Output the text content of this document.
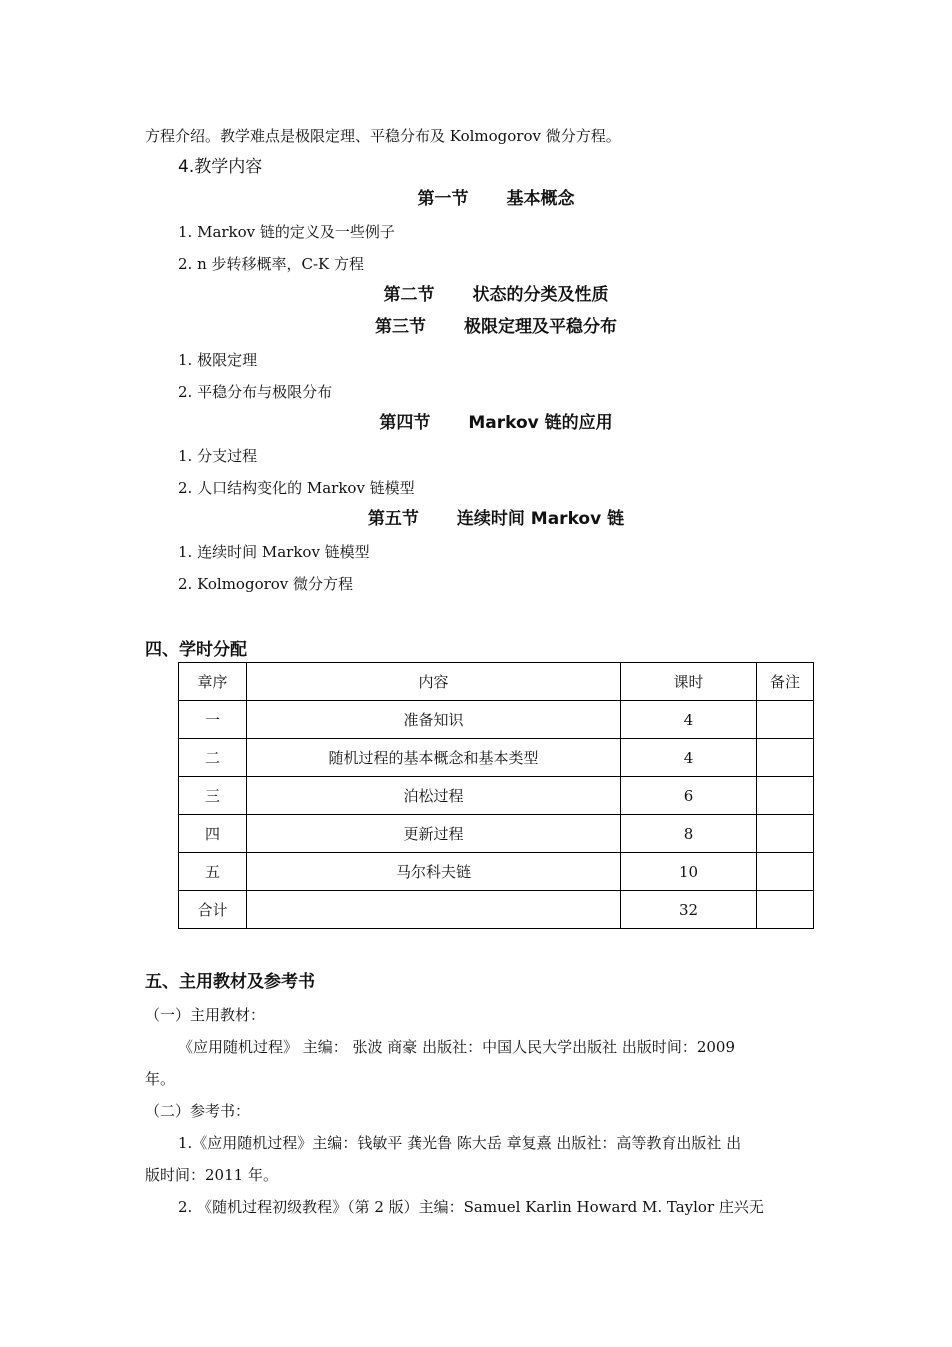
方程介绍。教学难点是极限定理、平稳分布及 Kolmogorov 微分方程。
4.教学内容
第一节 基本概念
1. Markov 链的定义及一些例子
2. n 步转移概率，C-K 方程
第二节 状态的分类及性质
第三节 极限定理及平稳分布
1. 极限定理
2. 平稳分布与极限分布
第四节 Markov 链的应用
1. 分支过程
2. 人口结构变化的 Markov 链模型
第五节 连续时间 Markov 链
1. 连续时间 Markov 链模型
2. Kolmogorov 微分方程
四、学时分配
章序	内容	课时	备注
一	准备知识	4	
二	随机过程的基本概念和基本类型	4	
三	泊松过程	6	
四	更新过程	8	
五	马尔科夫链	10	
合计		32	
五、主用教材及参考书
（一）主用教材：
《应用随机过程》 主编： 张波 商豪 出版社：中国人民大学出版社 出版时间：2009
年。
（二）参考书：
1.《应用随机过程》主编：钱敏平 龚光鲁 陈大岳 章复熹 出版社：高等教育出版社 出
版时间：2011 年。
2. 《随机过程初级教程》（第 2 版）主编：Samuel Karlin Howard M. Taylor 庄兴无
